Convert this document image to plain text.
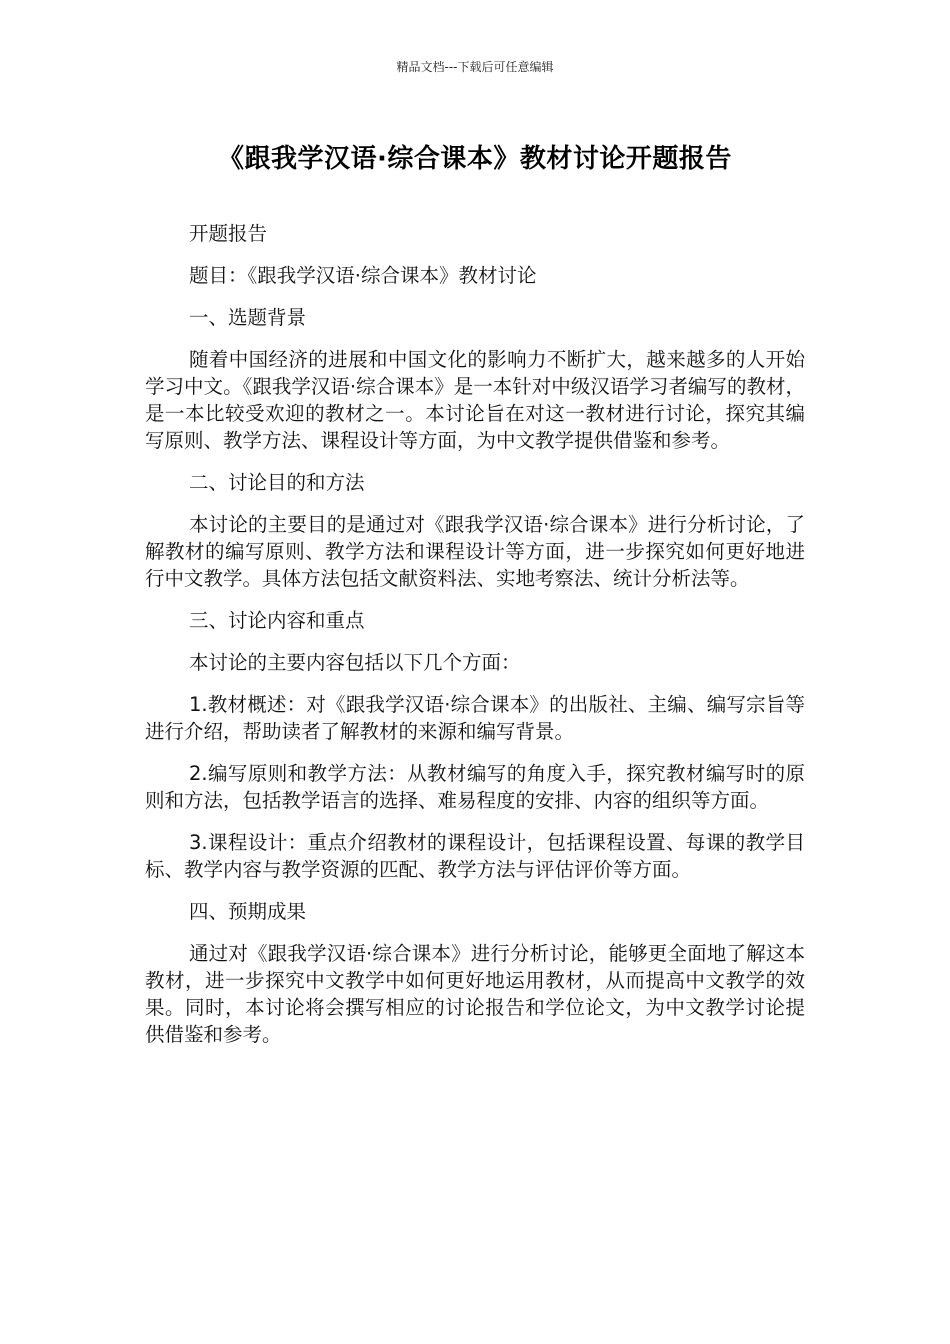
精品文档---下载后可任意编辑
《跟我学汉语·综合课本》教材讨论开题报告

开题报告

题目：《跟我学汉语·综合课本》教材讨论

一、选题背景

随着中国经济的进展和中国文化的影响力不断扩大，越来越多的人开始学习中文。《跟我学汉语·综合课本》是一本针对中级汉语学习者编写的教材，是一本比较受欢迎的教材之一。本讨论旨在对这一教材进行讨论，探究其编写原则、教学方法、课程设计等方面，为中文教学提供借鉴和参考。

二、讨论目的和方法

本讨论的主要目的是通过对《跟我学汉语·综合课本》进行分析讨论，了解教材的编写原则、教学方法和课程设计等方面，进一步探究如何更好地进行中文教学。具体方法包括文献资料法、实地考察法、统计分析法等。

三、讨论内容和重点

本讨论的主要内容包括以下几个方面：

1.教材概述：对《跟我学汉语·综合课本》的出版社、主编、编写宗旨等进行介绍，帮助读者了解教材的来源和编写背景。

2.编写原则和教学方法：从教材编写的角度入手，探究教材编写时的原则和方法，包括教学语言的选择、难易程度的安排、内容的组织等方面。

3.课程设计：重点介绍教材的课程设计，包括课程设置、每课的教学目标、教学内容与教学资源的匹配、教学方法与评估评价等方面。

四、预期成果

通过对《跟我学汉语·综合课本》进行分析讨论，能够更全面地了解这本教材，进一步探究中文教学中如何更好地运用教材，从而提高中文教学的效果。同时，本讨论将会撰写相应的讨论报告和学位论文，为中文教学讨论提供借鉴和参考。
